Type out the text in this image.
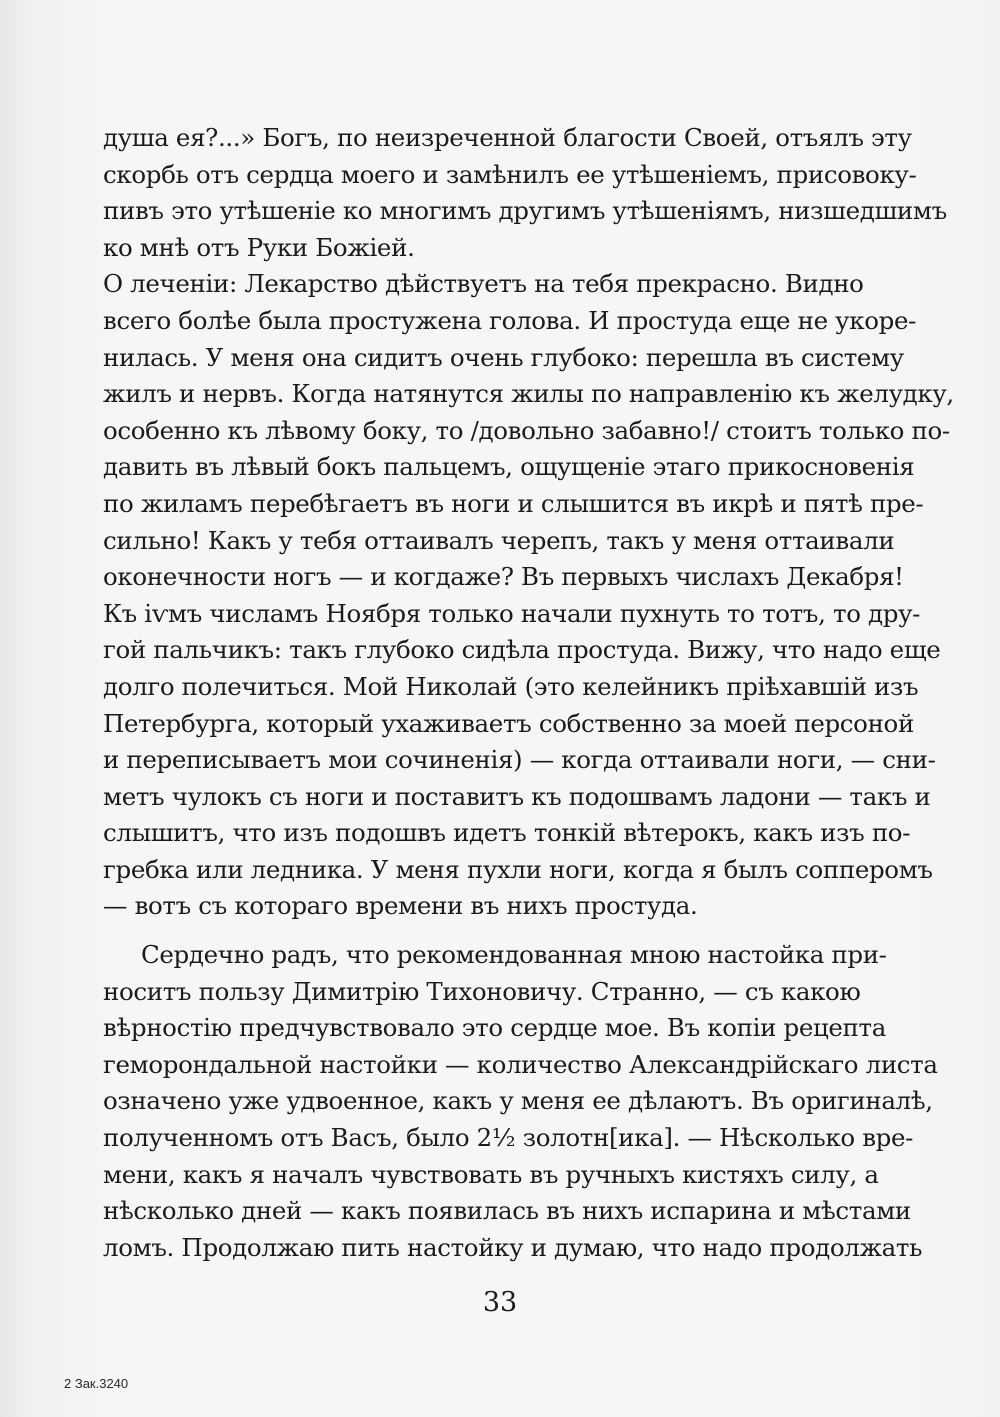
душа ея?...» Богъ, по неизреченной благости Своей, отъялъ эту
скорбь отъ сердца моего и замѣнилъ ее утѣшеніемъ, присовоку-
пивъ это утѣшеніе ко многимъ другимъ утѣшеніямъ, низшедшимъ
ко мнѣ отъ Руки Божіей.
О леченіи: Лекарство дѣйствуетъ на тебя прекрасно. Видно
всего болѣе была простужена голова. И простуда еще не укоре-
нилась. У меня она сидитъ очень глубоко: перешла въ систему
жилъ и нервъ. Когда натянутся жилы по направленію къ желудку,
особенно къ лѣвому боку, то /довольно забавно!/ стоитъ только по-
давить въ лѣвый бокъ пальцемъ, ощущеніе этаго прикосновенія
по жиламъ перебѣгаетъ въ ноги и слышится въ икрѣ и пятѣ пре-
сильно! Какъ у тебя оттаивалъ черепъ, такъ у меня оттаивали
оконечности ногъ — и когдаже? Въ первыхъ числахъ Декабря!
Къ іѵмъ числамъ Ноября только начали пухнуть то тотъ, то дру-
гой пальчикъ: такъ глубоко сидѣла простуда. Вижу, что надо еще
долго полечиться. Мой Николай (это келейникъ пріѣхавшій изъ
Петербурга, который ухаживаетъ собственно за моей персоной
и переписываетъ мои сочиненія) — когда оттаивали ноги, — сни-
метъ чулокъ съ ноги и поставитъ къ подошвамъ ладони — такъ и
слышитъ, что изъ подошвъ идетъ тонкій вѣтерокъ, какъ изъ по-
гребка или ледника. У меня пухли ноги, когда я былъ сопперомъ
— вотъ съ котораго времени въ нихъ простуда.
Сердечно радъ, что рекомендованная мною настойка при-
носитъ пользу Димитрію Тихоновичу. Странно, — съ какою
вѣрностію предчувствовало это сердце мое. Въ копіи рецепта
геморондальной настойки — количество Александрійскаго листа
означено уже удвоенное, какъ у меня ее дѣлаютъ. Въ оригиналѣ,
полученномъ отъ Васъ, было 2½ золотн[ика]. — Нѣсколько вре-
мени, какъ я началъ чувствовать въ ручныхъ кистяхъ силу, а
нѣсколько дней — какъ появилась въ нихъ испарина и мѣстами
ломъ. Продолжаю пить настойку и думаю, что надо продолжать
33
2 Зак.3240
